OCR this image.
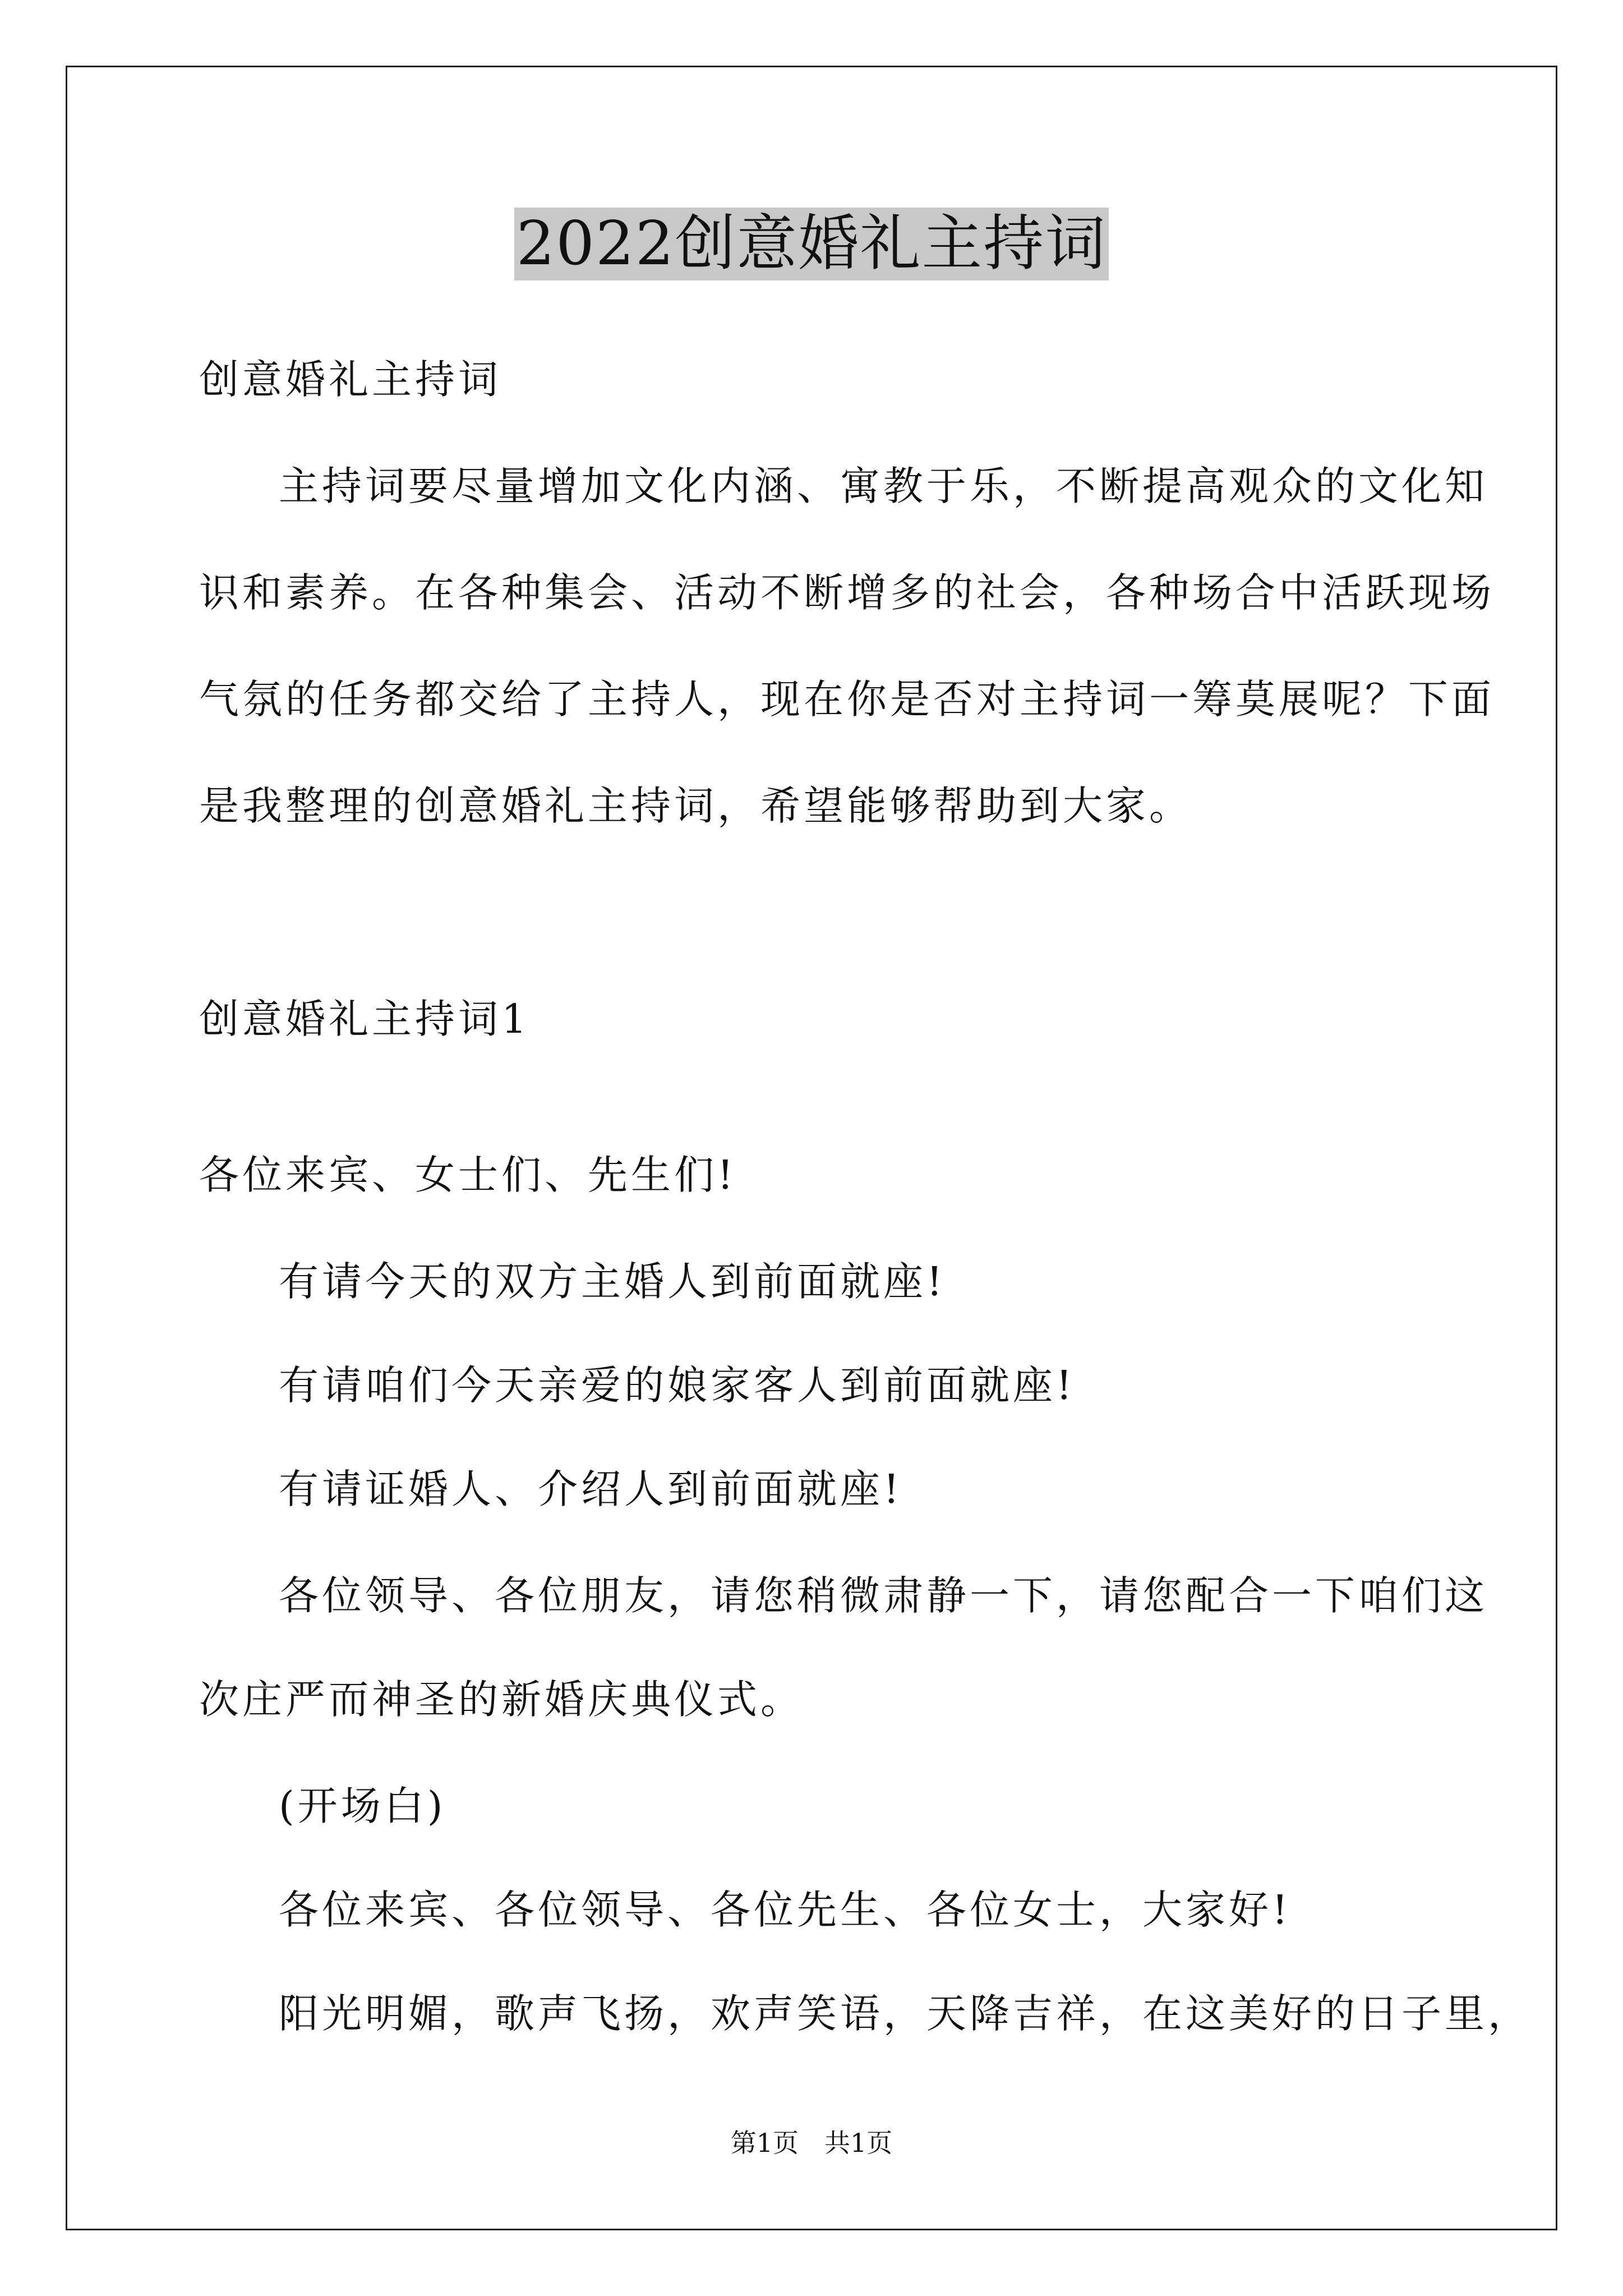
2022创意婚礼主持词
创意婚礼主持词
主持词要尽量增加文化内涵、寓教于乐，不断提高观众的文化知
识和素养。在各种集会、活动不断增多的社会，各种场合中活跃现场
气氛的任务都交给了主持人，现在你是否对主持词一筹莫展呢？下面
是我整理的创意婚礼主持词，希望能够帮助到大家。
创意婚礼主持词1
各位来宾、女士们、先生们!
有请今天的双方主婚人到前面就座!
有请咱们今天亲爱的娘家客人到前面就座!
有请证婚人、介绍人到前面就座!
各位领导、各位朋友，请您稍微肃静一下，请您配合一下咱们这
次庄严而神圣的新婚庆典仪式。
(开场白)
各位来宾、各位领导、各位先生、各位女士，大家好!
阳光明媚，歌声飞扬，欢声笑语，天降吉祥，在这美好的日子里，
第1页　共1页
